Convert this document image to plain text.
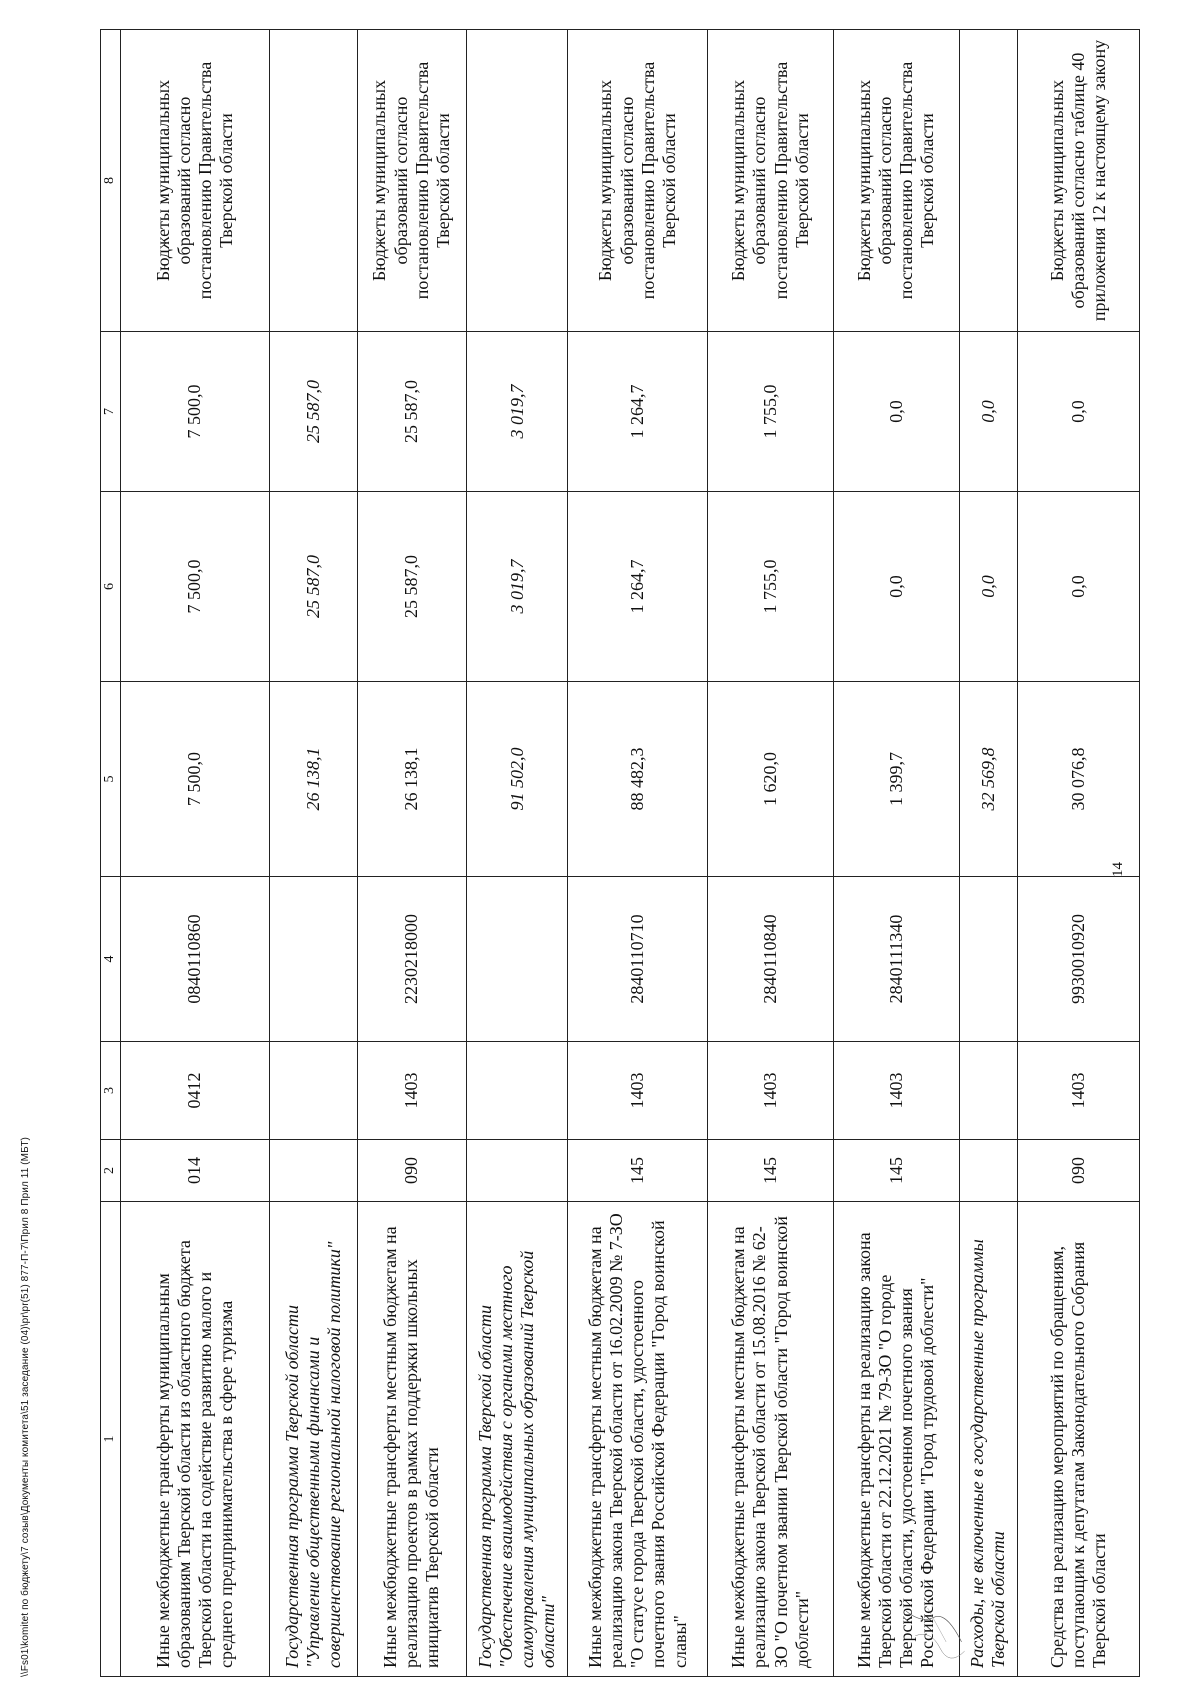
14
1	2	3	4	5	6	7	8
Иные межбюджетные трансферты муниципальным образованиям Тверской области из областного бюджета Тверской области на содействие развитию малого и среднего предпринимательства в сфере туризма	014	0412	0840110860	7 500,0	7 500,0	7 500,0	Бюджеты муниципальных образований согласно постановлению Правительства Тверской области
Государственная программа Тверской области "Управление общественными финансами и совершенствование региональной налоговой политики"				26 138,1	25 587,0	25 587,0	
Иные межбюджетные трансферты местным бюджетам на реализацию проектов в рамках поддержки школьных инициатив Тверской области	090	1403	2230218000	26 138,1	25 587,0	25 587,0	Бюджеты муниципальных образований согласно постановлению Правительства Тверской области
Государственная программа Тверской области "Обеспечение взаимодействия с органами местного самоуправления муниципальных образований Тверской области"				91 502,0	3 019,7	3 019,7	
Иные межбюджетные трансферты местным бюджетам на реализацию закона Тверской области от 16.02.2009 № 7-ЗО "О статусе города Тверской области, удостоенного почетного звания Российской Федерации "Город воинской славы"	145	1403	2840110710	88 482,3	1 264,7	1 264,7	Бюджеты муниципальных образований согласно постановлению Правительства Тверской области
Иные межбюджетные трансферты местным бюджетам на реализацию закона Тверской области от 15.08.2016 № 62-ЗО "О почетном звании Тверской области "Город воинской доблести"	145	1403	2840110840	1 620,0	1 755,0	1 755,0	Бюджеты муниципальных образований согласно постановлению Правительства Тверской области
Иные межбюджетные трансферты на реализацию закона Тверской области от 22.12.2021 № 79-ЗО "О городе Тверской области, удостоенном почетного звания Российской Федерации "Город трудовой доблести"	145	1403	2840111340	1 399,7	0,0	0,0	Бюджеты муниципальных образований согласно постановлению Правительства Тверской области
Расходы, не включенные в государственные программы Тверской области				32 569,8	0,0	0,0	
Средства на реализацию мероприятий по обращениям, поступающим к депутатам Законодательного Собрания Тверской области	090	1403	9930010920	30 076,8	0,0	0,0	Бюджеты муниципальных образований согласно таблице 40 приложения 12 к настоящему закону
\\Fs01\komitet по бюджету\7 созыв\Документы комитета\51 заседание (04)\pr\pr(51) 877-П-7\Прил 8 Прил 11 (МБТ)
